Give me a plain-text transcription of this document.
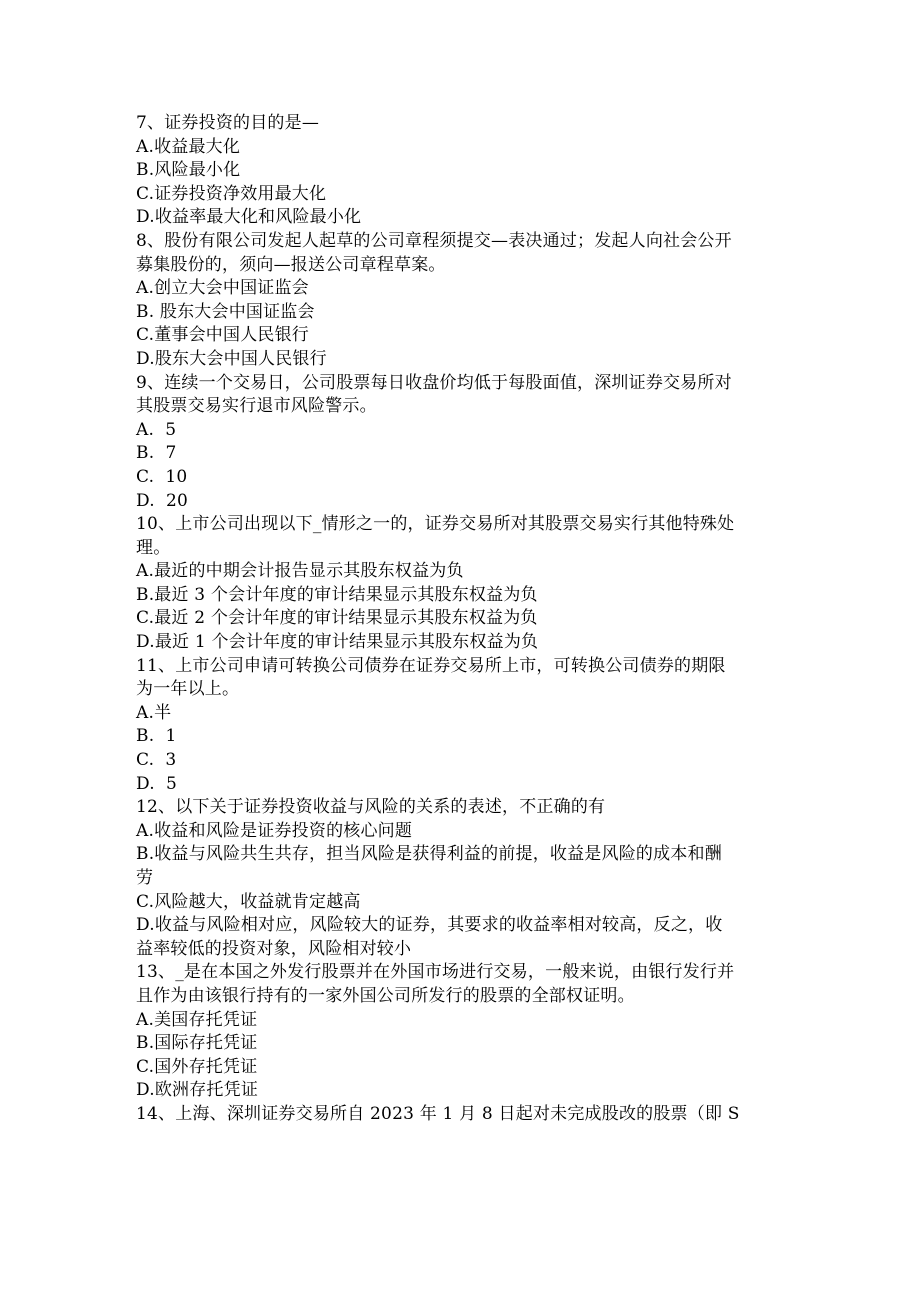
7、证券投资的目的是—
A.收益最大化
B.风险最小化
C.证券投资净效用最大化
D.收益率最大化和风险最小化
8、股份有限公司发起人起草的公司章程须提交—表决通过；发起人向社会公开
募集股份的，须向—报送公司章程草案。
A.创立大会中国证监会
B. 股东大会中国证监会
C.董事会中国人民银行
D.股东大会中国人民银行
9、连续一个交易日，公司股票每日收盘价均低于每股面值，深圳证券交易所对
其股票交易实行退市风险警示。
A.  5
B.  7
C.  10
D.  20
10、上市公司出现以下_情形之一的，证券交易所对其股票交易实行其他特殊处
理。
A.最近的中期会计报告显示其股东权益为负
B.最近 3 个会计年度的审计结果显示其股东权益为负
C.最近 2 个会计年度的审计结果显示其股东权益为负
D.最近 1 个会计年度的审计结果显示其股东权益为负
11、上市公司申请可转换公司债券在证券交易所上市，可转换公司债券的期限
为一年以上。
A.半
B.  1
C.  3
D.  5
12、以下关于证券投资收益与风险的关系的表述，不正确的有
A.收益和风险是证券投资的核心问题
B.收益与风险共生共存，担当风险是获得利益的前提，收益是风险的成本和酬
劳
C.风险越大，收益就肯定越高
D.收益与风险相对应，风险较大的证券，其要求的收益率相对较高，反之，收
益率较低的投资对象，风险相对较小
13、_是在本国之外发行股票并在外国市场进行交易，一般来说，由银行发行并
且作为由该银行持有的一家外国公司所发行的股票的全部权证明。
A.美国存托凭证
B.国际存托凭证
C.国外存托凭证
D.欧洲存托凭证
14、上海、深圳证券交易所自 2023 年 1 月 8 日起对未完成股改的股票（即 S
